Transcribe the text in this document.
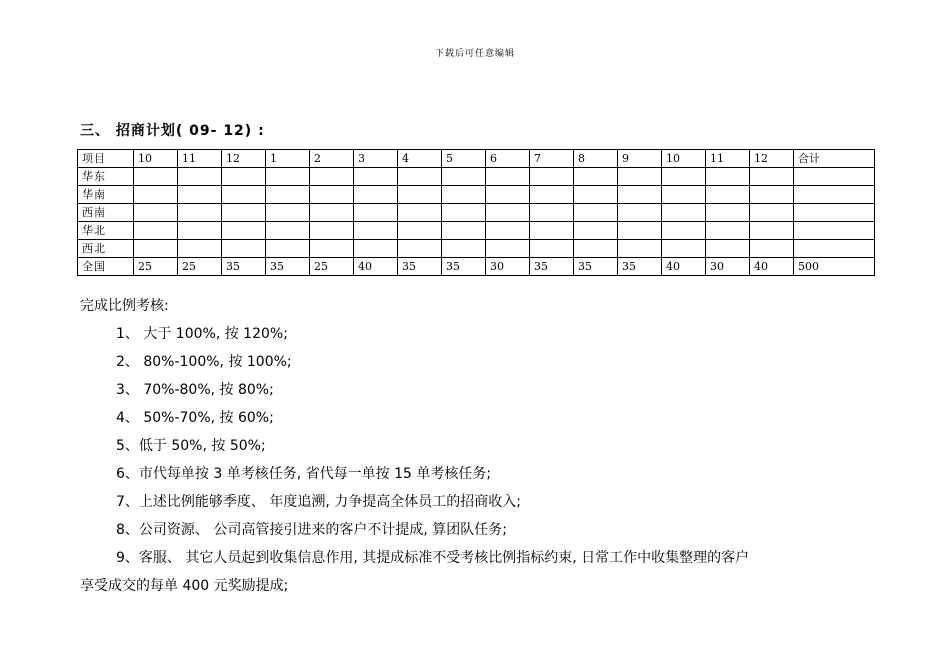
下载后可任意编辑
三、 招商计划( 09- 12) :
项目	10	11	12	1	2	3	4	5	6	7	8	9	10	11	12	合计
华东																
华南																
西南																
华北																
西北																
全国	25	25	35	35	25	40	35	35	30	35	35	35	40	30	40	500

完成比例考核:

1、 大于 100%, 按 120%;

2、 80%-100%, 按 100%;

3、 70%-80%, 按 80%;

4、 50%-70%, 按 60%;

5、低于 50%, 按 50%;

6、市代每单按 3 单考核任务, 省代每一单按 15 单考核任务;

7、上述比例能够季度、 年度追溯, 力争提高全体员工的招商收入;

8、公司资源、 公司高管接引进来的客户不计提成, 算团队任务;

9、客服、 其它人员起到收集信息作用, 其提成标准不受考核比例指标约束, 日常工作中收集整理的客户

享受成交的每单 400 元奖励提成;
